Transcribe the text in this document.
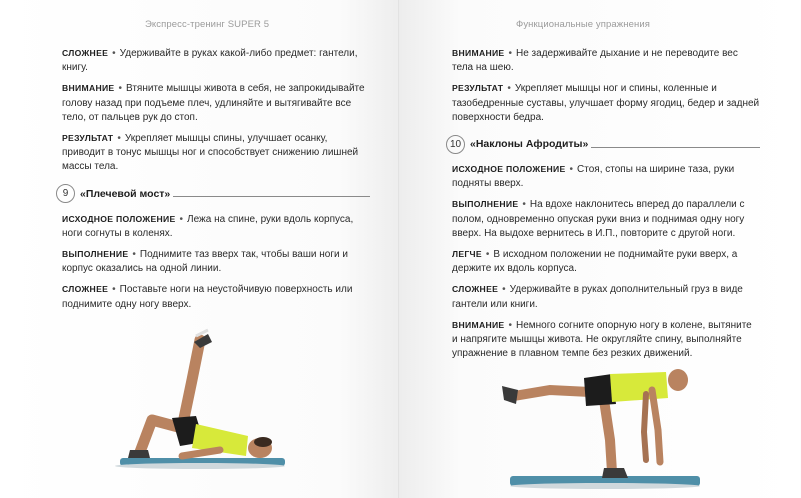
Экспресс-тренинг SUPER 5

СЛОЖНЕЕ • Удерживайте в руках какой-либо предмет: гантели, книгу.

ВНИМАНИЕ • Втяните мышцы живота в себя, не запрокидывайте голову назад при подъеме плеч, удлиняйте и вытягивайте все тело, от пальцев рук до стоп.

РЕЗУЛЬТАТ • Укрепляет мышцы спины, улучшает осанку, приводит в тонус мышцы ног и способствует снижению лишней массы тела.

9	«Плечевой мост»

ИСХОДНОЕ ПОЛОЖЕНИЕ • Лежа на спине, руки вдоль корпуса, ноги согнуты в коленях.

ВЫПОЛНЕНИЕ • Поднимите таз вверх так, чтобы ваши ноги и корпус оказались на одной линии.

СЛОЖНЕЕ • Поставьте ноги на неустойчивую поверхность или поднимите одну ногу вверх.

Функциональные упражнения

ВНИМАНИЕ • Не задерживайте дыхание и не переводите вес тела на шею.

РЕЗУЛЬТАТ • Укрепляет мышцы ног и спины, коленные и тазобедренные суставы, улучшает форму ягодиц, бедер и задней поверхности бедра.

10 «Наклоны Афродиты»

ИСХОДНОЕ ПОЛОЖЕНИЕ • Стоя, стопы на ширине таза, руки подняты вверх.

ВЫПОЛНЕНИЕ • На вдохе наклонитесь вперед до параллели с полом, одновременно опуская руки вниз и поднимая одну ногу вверх. На выдохе вернитесь в И.П., повторите с другой ноги.

ЛЕГЧЕ • В исходном положении не поднимайте руки вверх, а держите их вдоль корпуса.

СЛОЖНЕЕ • Удерживайте в руках дополнительный груз в виде гантели или книги.

ВНИМАНИЕ • Немного согните опорную ногу в колене, вытяните и напрягите мышцы живота. Не округляйте спину, выполняйте упражнение в плавном темпе без резких движений.
